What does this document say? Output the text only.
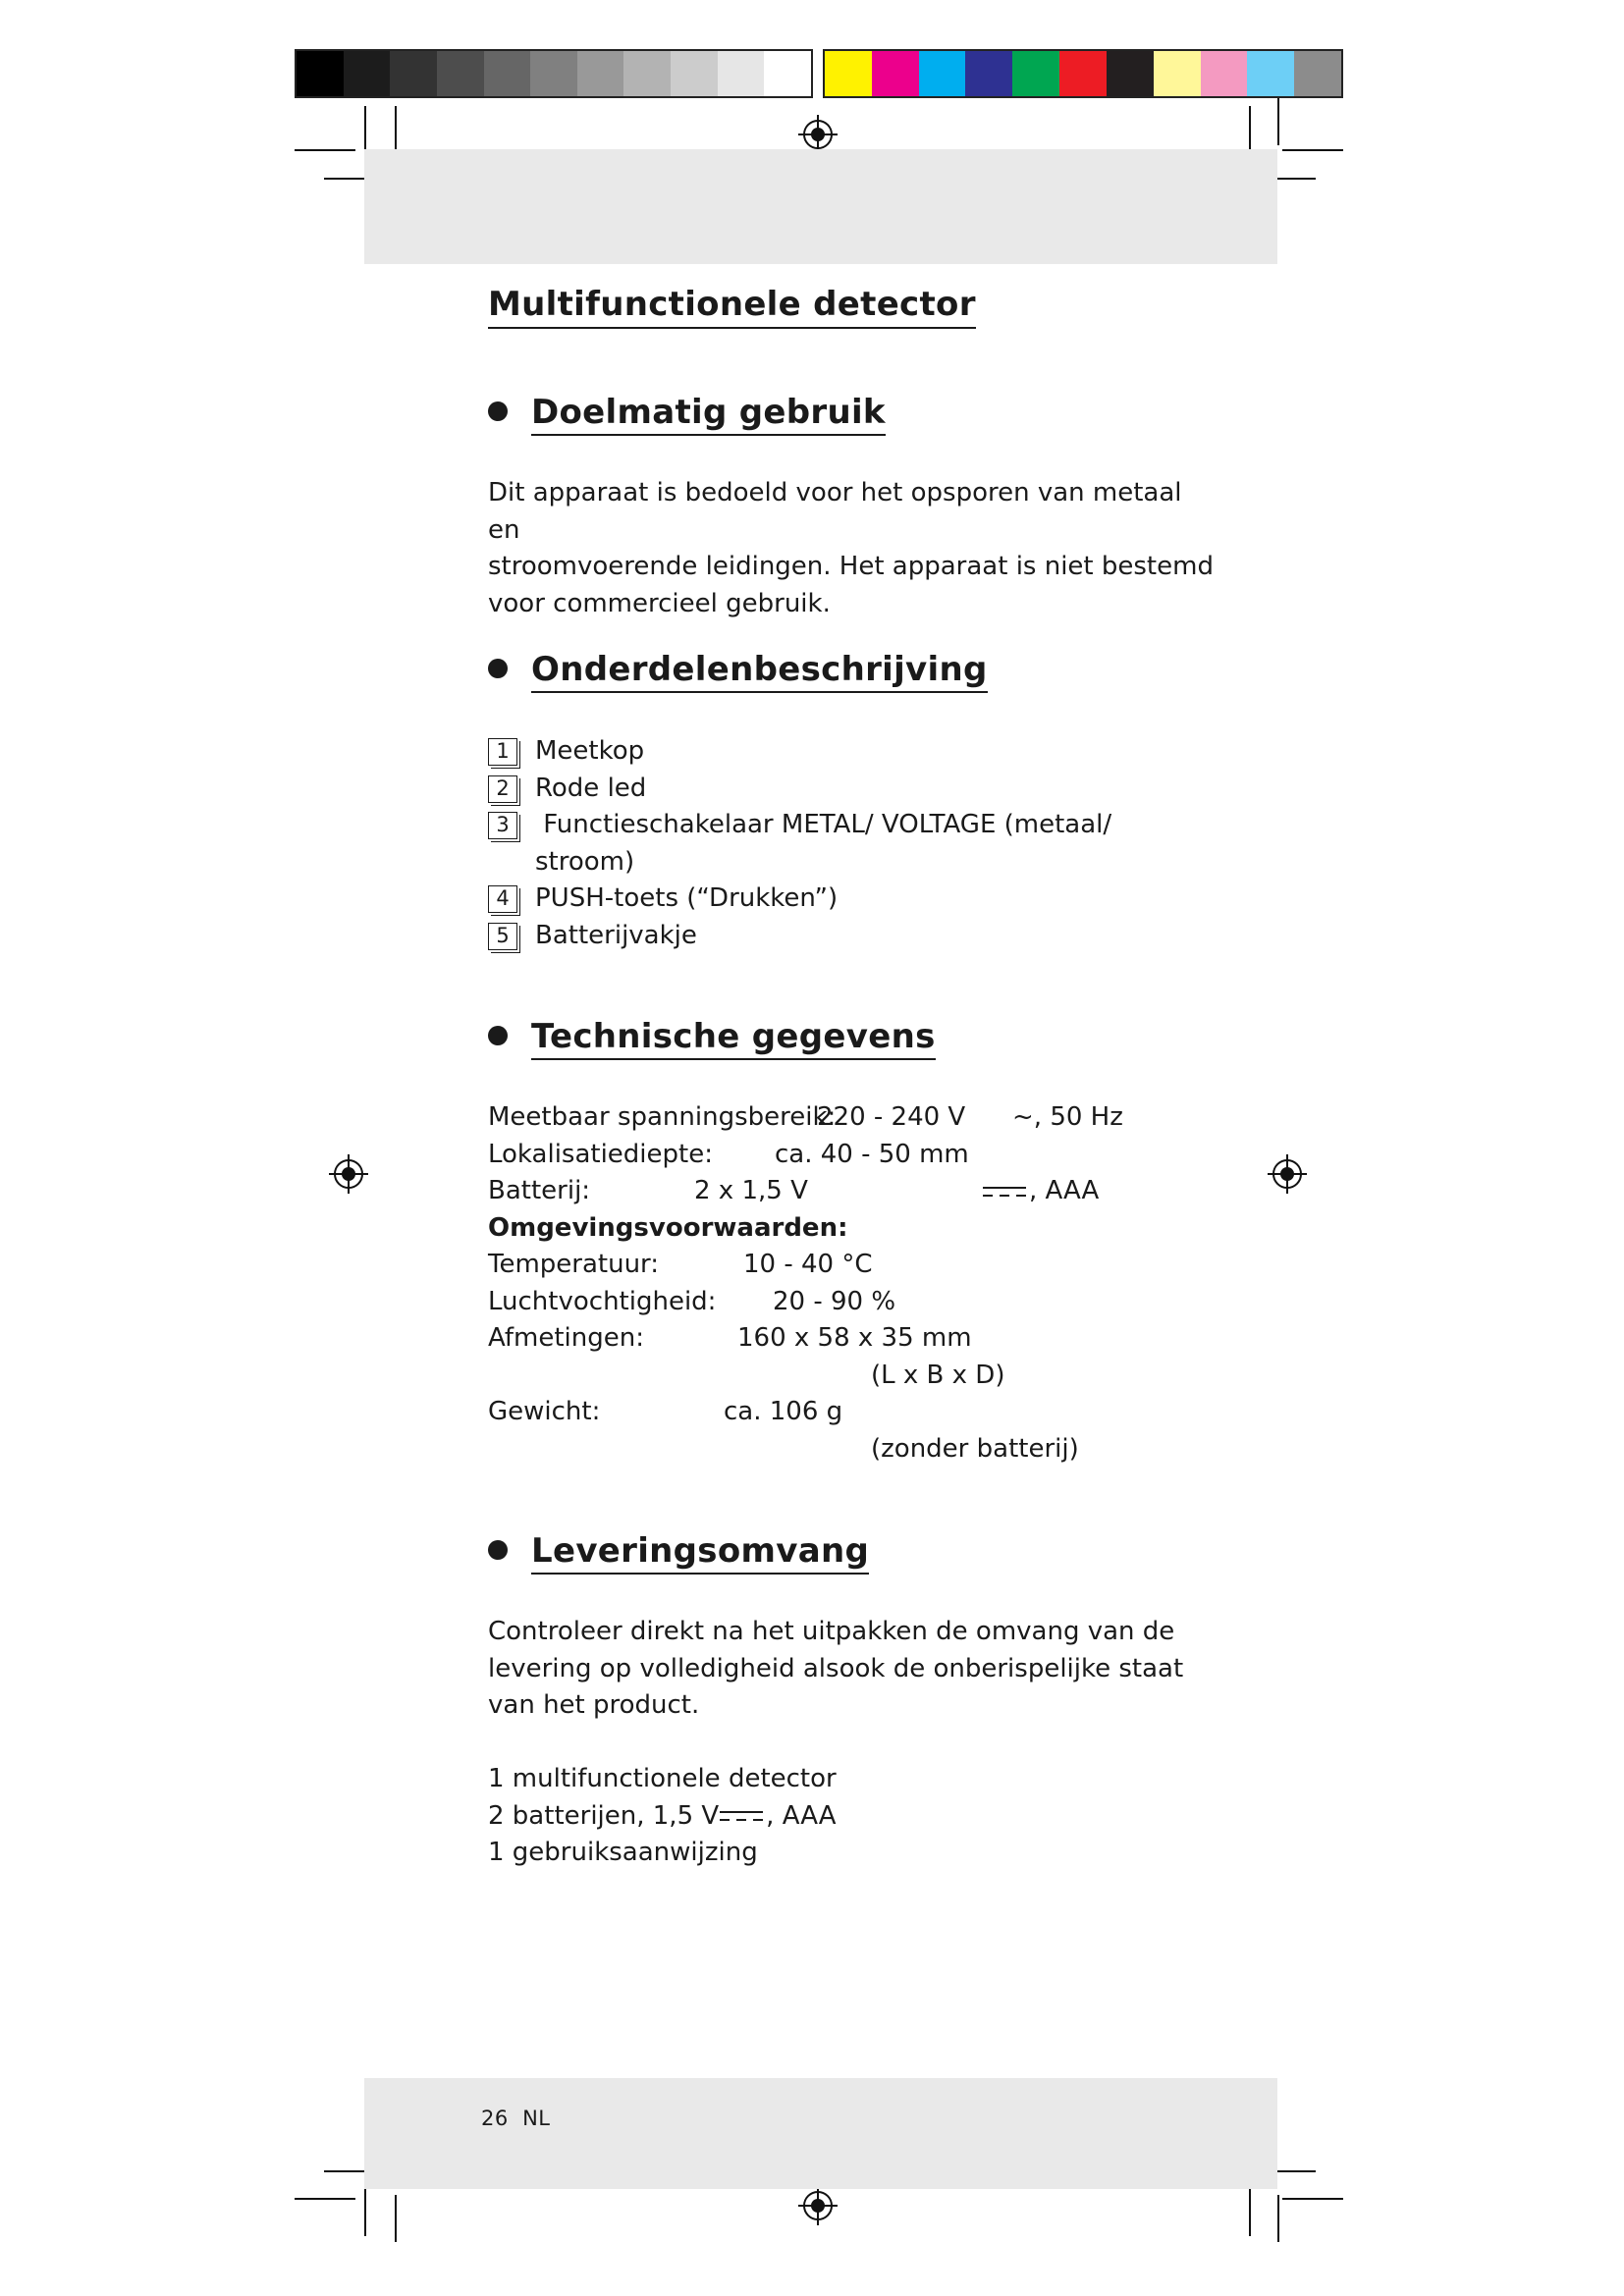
Multifunctionele detector
Doelmatig gebruik

Dit apparaat is bedoeld voor het opsporen van metaal en

stroomvoerende leidingen. Het apparaat is niet bestemd

voor commercieel gebruik.

Onderdelenbeschrijving
1	Meetkop
2	Rode led
3	Functieschakelaar METAL/ VOLTAGE (metaal/
stroom)
4	PUSH-toets (“Drukken”)
5	Batterijvakje
Technische gegevens
Meetbaar spanningsbereik:
220 - 240 V ~, 50 Hz
Lokalisatiediepte: ca. 40 - 50 mm
Batterij:	2 x 1,5 V	, AAA
Omgevingsvoorwaarden:
Temperatuur:	10 - 40 °C
Luchtvochtigheid: 20 - 90 %
Afmetingen:	160 x 58 x 35 mm
(L x B x D)
Gewicht:	ca. 106 g
(zonder batterij)
Leveringsomvang

Controleer direkt na het uitpakken de omvang van de

levering op volledigheid alsook de onberispelijke staat

van het product.

1 multifunctionele detector

2 batterijen, 1,5 V , AAA

1 gebruiksaanwijzing

26 NL
